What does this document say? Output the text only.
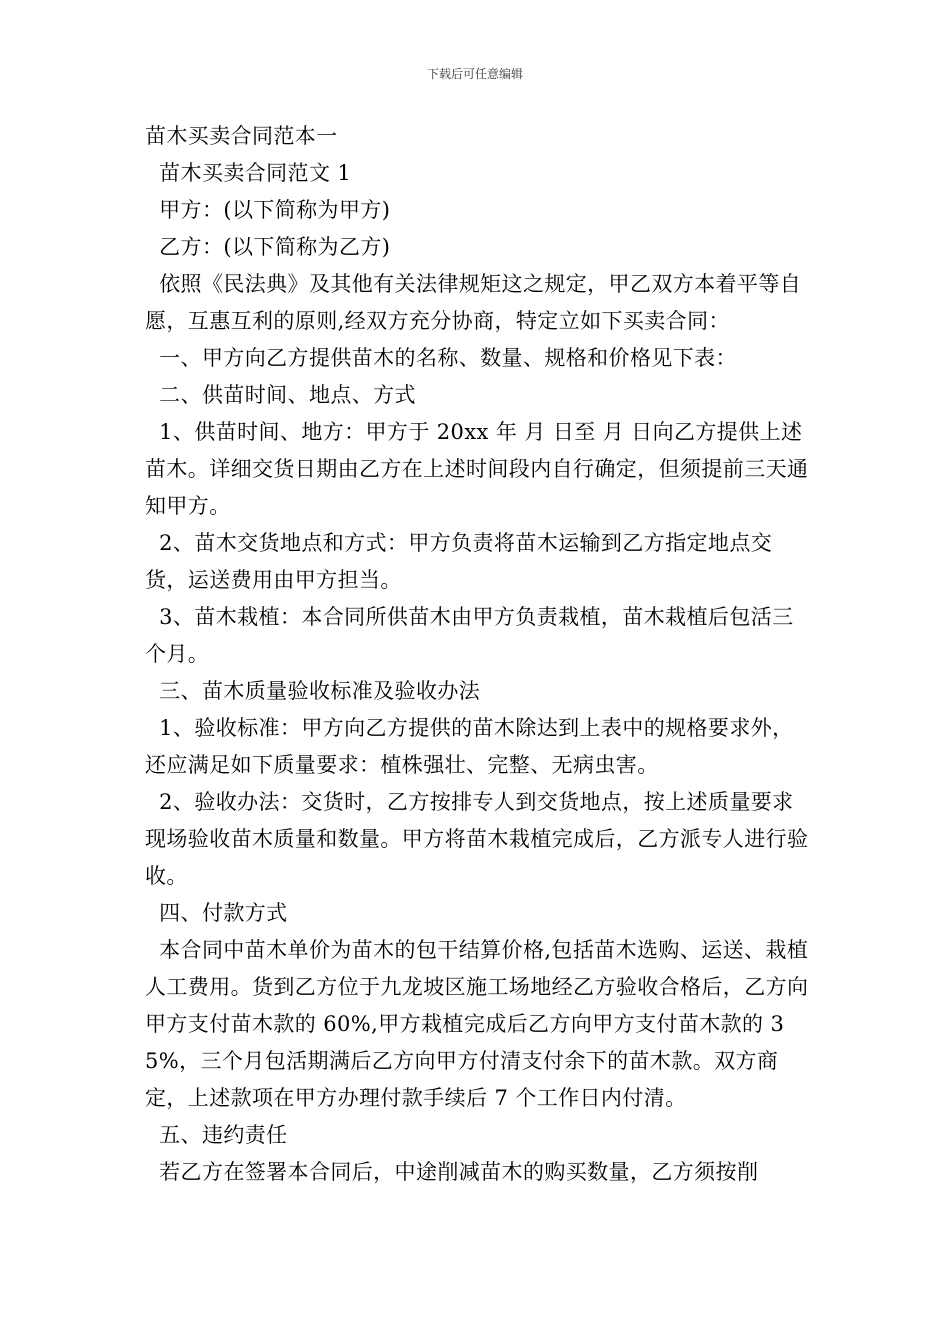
下载后可任意编辑

苗木买卖合同范本一

苗木买卖合同范文 1

甲方：(以下简称为甲方)

乙方：(以下简称为乙方)

依照《民法典》及其他有关法律规矩这之规定，甲乙双方本着平等自愿，互惠互利的原则,经双方充分协商，特定立如下买卖合同：

一、甲方向乙方提供苗木的名称、数量、规格和价格见下表：

二、供苗时间、地点、方式

1、供苗时间、地方：甲方于 20xx 年 月 日至 月 日向乙方提供上述苗木。详细交货日期由乙方在上述时间段内自行确定，但须提前三天通知甲方。

2、苗木交货地点和方式：甲方负责将苗木运输到乙方指定地点交货，运送费用由甲方担当。

3、苗木栽植：本合同所供苗木由甲方负责栽植，苗木栽植后包活三个月。

三、苗木质量验收标准及验收办法

1、验收标准：甲方向乙方提供的苗木除达到上表中的规格要求外，还应满足如下质量要求：植株强壮、完整、无病虫害。

2、验收办法：交货时，乙方按排专人到交货地点，按上述质量要求现场验收苗木质量和数量。甲方将苗木栽植完成后，乙方派专人进行验收。

四、付款方式

本合同中苗木单价为苗木的包干结算价格,包括苗木选购、运送、栽植人工费用。货到乙方位于九龙坡区施工场地经乙方验收合格后，乙方向甲方支付苗木款的 60%,甲方栽植完成后乙方向甲方支付苗木款的 35%，三个月包活期满后乙方向甲方付清支付余下的苗木款。双方商定，上述款项在甲方办理付款手续后 7 个工作日内付清。

五、违约责任

若乙方在签署本合同后，中途削减苗木的购买数量，乙方须按削
